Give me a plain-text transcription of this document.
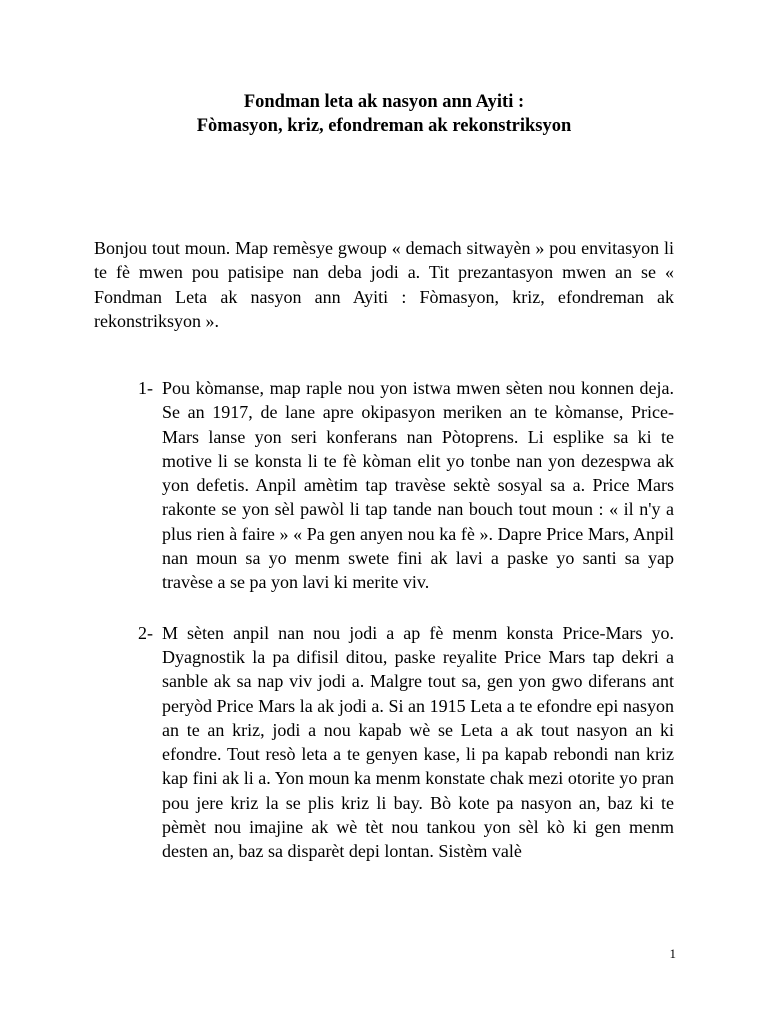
Fondman leta ak nasyon ann Ayiti :
Fòmasyon, kriz, efondreman ak rekonstriksyon

Bonjou tout moun. Map remèsye gwoup « demach sitwayèn » pou envitasyon li te fè mwen pou patisipe nan deba jodi a. Tit prezantasyon mwen an se « Fondman Leta ak nasyon ann Ayiti : Fòmasyon, kriz, efondreman ak rekonstriksyon ».

1- Pou kòmanse, map raple nou yon istwa mwen sèten nou konnen deja. Se an 1917, de lane apre okipasyon meriken an te kòmanse, Price-Mars lanse yon seri konferans nan Pòtoprens. Li esplike sa ki te motive li se konsta li te fè kòman elit yo tonbe nan yon dezespwa ak yon defetis. Anpil amètim tap travèse sektè sosyal sa a. Price Mars rakonte se yon sèl pawòl li tap tande nan bouch tout moun : « il n'y a plus rien à faire » « Pa gen anyen nou ka fè ». Dapre Price Mars, Anpil nan moun sa yo menm swete fini ak lavi a paske yo santi sa yap travèse a se pa yon lavi ki merite viv.
2- M sèten anpil nan nou jodi a ap fè menm konsta Price-Mars yo. Dyagnostik la pa difisil ditou, paske reyalite Price Mars tap dekri a sanble ak sa nap viv jodi a. Malgre tout sa, gen yon gwo diferans ant peryòd Price Mars la ak jodi a. Si an 1915 Leta a te efondre epi nasyon an te an kriz, jodi a nou kapab wè se Leta a ak tout nasyon an ki efondre. Tout resò leta a te genyen kase, li pa kapab rebondi nan kriz kap fini ak li a. Yon moun ka menm konstate chak mezi otorite yo pran pou jere kriz la se plis kriz li bay. Bò kote pa nasyon an, baz ki te pèmèt nou imajine ak wè tèt nou tankou yon sèl kò ki gen menm desten an, baz sa disparèt depi lontan. Sistèm valè
1
